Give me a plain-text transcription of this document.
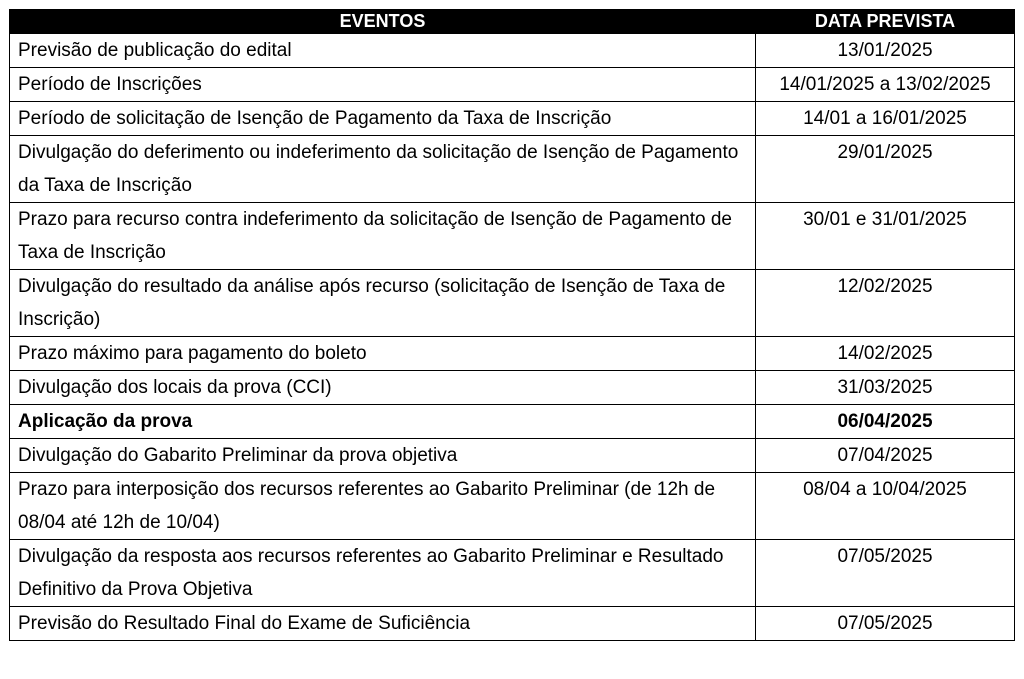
EVENTOS	DATA PREVISTA
Previsão de publicação do edital	13/01/2025
Período de Inscrições	14/01/2025 a 13/02/2025
Período de solicitação de Isenção de Pagamento da Taxa de Inscrição	14/01 a 16/01/2025
Divulgação do deferimento ou indeferimento da solicitação de Isenção de Pagamento da Taxa de Inscrição	29/01/2025
Prazo para recurso contra indeferimento da solicitação de Isenção de Pagamento de Taxa de Inscrição	30/01 e 31/01/2025
Divulgação do resultado da análise após recurso (solicitação de Isenção de Taxa de Inscrição)	12/02/2025
Prazo máximo para pagamento do boleto	14/02/2025
Divulgação dos locais da prova (CCI)	31/03/2025
Aplicação da prova	06/04/2025
Divulgação do Gabarito Preliminar da prova objetiva	07/04/2025
Prazo para interposição dos recursos referentes ao Gabarito Preliminar (de 12h de 08/04 até 12h de 10/04)	08/04 a 10/04/2025
Divulgação da resposta aos recursos referentes ao Gabarito Preliminar e Resultado Definitivo da Prova Objetiva	07/05/2025
Previsão do Resultado Final do Exame de Suficiência	07/05/2025
